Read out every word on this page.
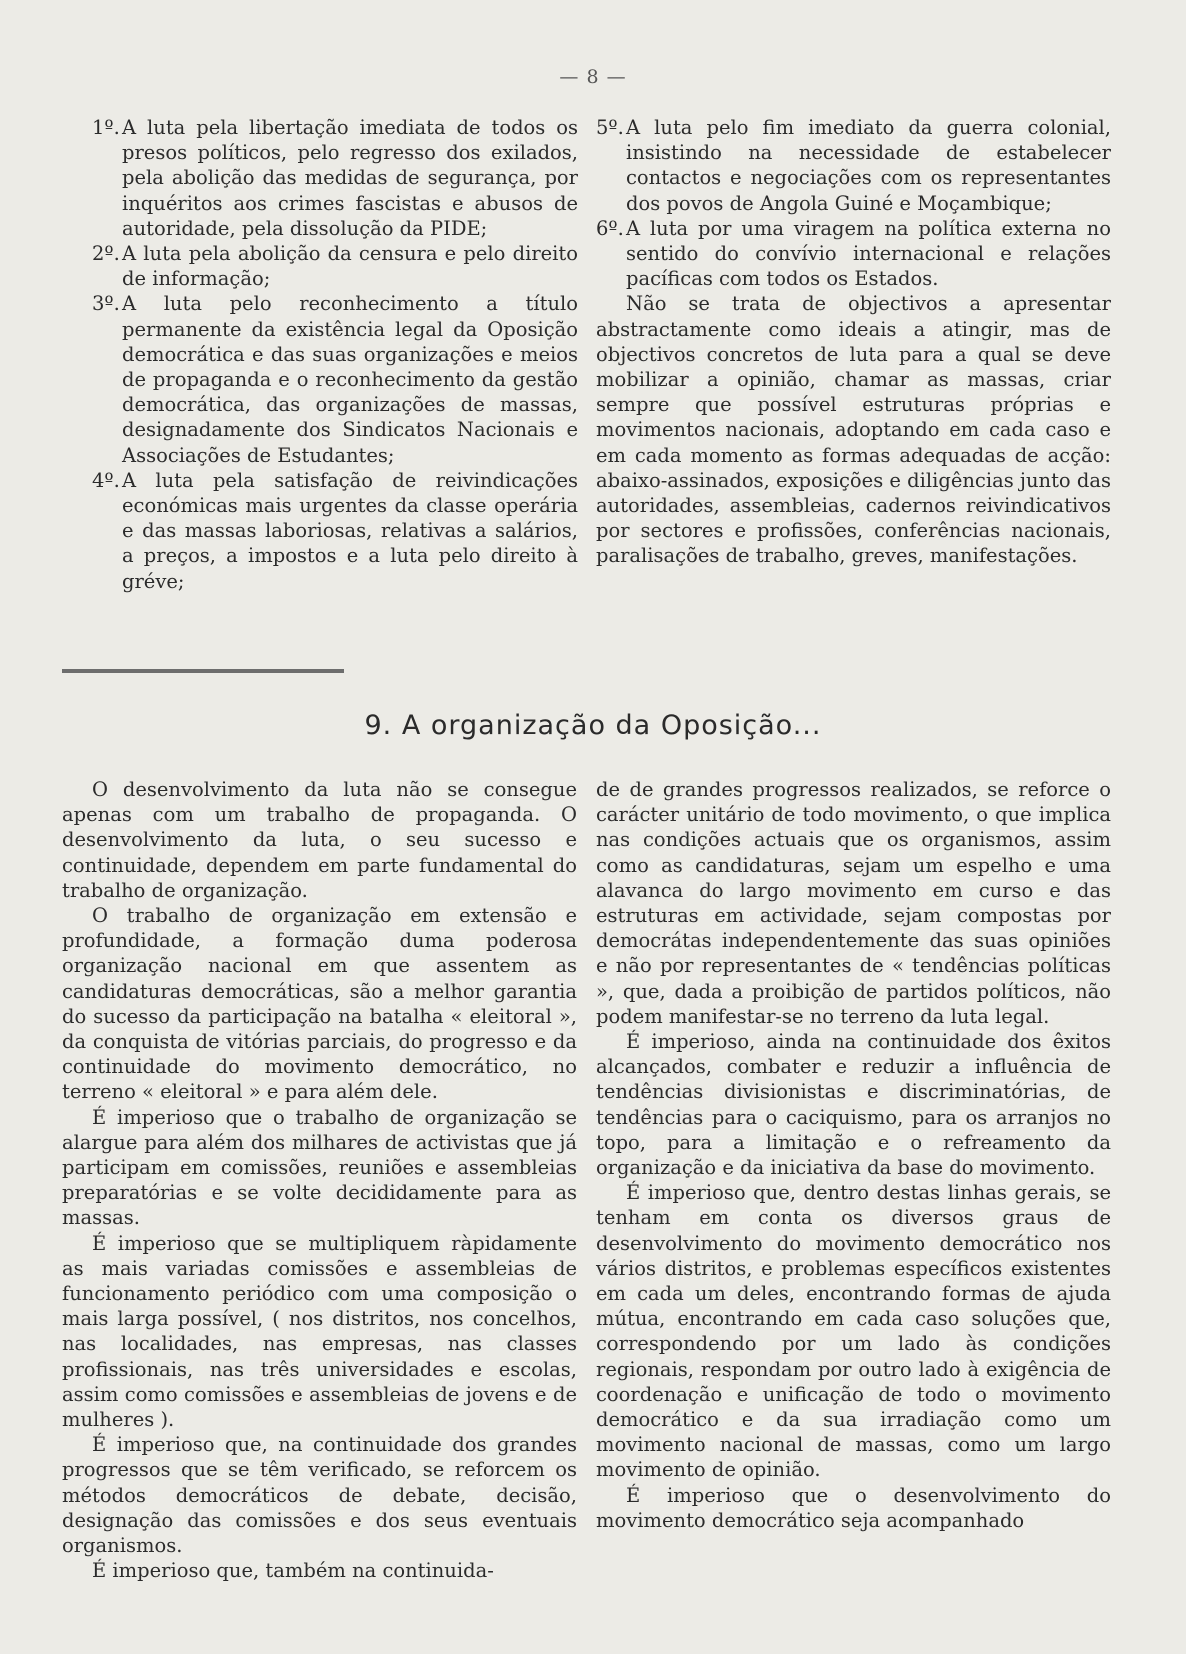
— 8 —
1º. A luta pela libertação imediata de todos os presos políticos, pelo regresso dos exilados, pela abolição das medidas de segurança, por inquéritos aos crimes fascistas e abusos de autoridade, pela dissolução da PIDE;
2º. A luta pela abolição da censura e pelo direito de informação;
3º. A luta pelo reconhecimento a título permanente da existência legal da Oposição democrática e das suas organizações e meios de propaganda e o reconhecimento da gestão democrática, das organizações de massas, designadamente dos Sindicatos Nacionais e Associações de Estudantes;
4º. A luta pela satisfação de reivindicações económicas mais urgentes da classe operária e das massas laboriosas, relativas a salários, a preços, a impostos e a luta pelo direito à gréve;
5º. A luta pelo fim imediato da guerra colonial, insistindo na necessidade de estabelecer contactos e negociações com os representantes dos povos de Angola Guiné e Moçambique;
6º. A luta por uma viragem na política externa no sentido do convívio internacional e relações pacíficas com todos os Estados.

Não se trata de objectivos a apresentar abstractamente como ideais a atingir, mas de objectivos concretos de luta para a qual se deve mobilizar a opinião, chamar as massas, criar sempre que possível estruturas próprias e movimentos nacionais, adoptando em cada caso e em cada momento as formas adequadas de acção: abaixo-assinados, exposições e diligências junto das autoridades, assembleias, cadernos reivindicativos por sectores e profissões, conferências nacionais, paralisações de trabalho, greves, manifestações.

9. A organização da Oposição...

O desenvolvimento da luta não se consegue apenas com um trabalho de propaganda. O desenvolvimento da luta, o seu sucesso e continuidade, dependem em parte fundamental do trabalho de organização.

O trabalho de organização em extensão e profundidade, a formação duma poderosa organização nacional em que assentem as candidaturas democráticas, são a melhor garantia do sucesso da participação na batalha « eleitoral », da conquista de vitórias parciais, do progresso e da continuidade do movimento democrático, no terreno « eleitoral » e para além dele.

É imperioso que o trabalho de organização se alargue para além dos milhares de activistas que já participam em comissões, reuniões e assembleias preparatórias e se volte decididamente para as massas.

É imperioso que se multipliquem ràpidamente as mais variadas comissões e assembleias de funcionamento periódico com uma composição o mais larga possível, ( nos distritos, nos concelhos, nas localidades, nas empresas, nas classes profissionais, nas três universidades e escolas, assim como comissões e assembleias de jovens e de mulheres ).

É imperioso que, na continuidade dos grandes progressos que se têm verificado, se reforcem os métodos democráticos de debate, decisão, designação das comissões e dos seus eventuais organismos.

É imperioso que, também na continuida-

de de grandes progressos realizados, se reforce o carácter unitário de todo movimento, o que implica nas condições actuais que os organismos, assim como as candidaturas, sejam um espelho e uma alavanca do largo movimento em curso e das estruturas em actividade, sejam compostas por democrátas independentemente das suas opiniões e não por representantes de « tendências políticas », que, dada a proibição de partidos políticos, não podem manifestar-se no terreno da luta legal.

É imperioso, ainda na continuidade dos êxitos alcançados, combater e reduzir a influência de tendências divisionistas e discriminatórias, de tendências para o caciquismo, para os arranjos no topo, para a limitação e o refreamento da organização e da iniciativa da base do movimento.

É imperioso que, dentro destas linhas gerais, se tenham em conta os diversos graus de desenvolvimento do movimento democrático nos vários distritos, e problemas específicos existentes em cada um deles, encontrando formas de ajuda mútua, encontrando em cada caso soluções que, correspondendo por um lado às condições regionais, respondam por outro lado à exigência de coordenação e unificação de todo o movimento democrático e da sua irradiação como um movimento nacional de massas, como um largo movimento de opinião.

É imperioso que o desenvolvimento do movimento democrático seja acompanhado
